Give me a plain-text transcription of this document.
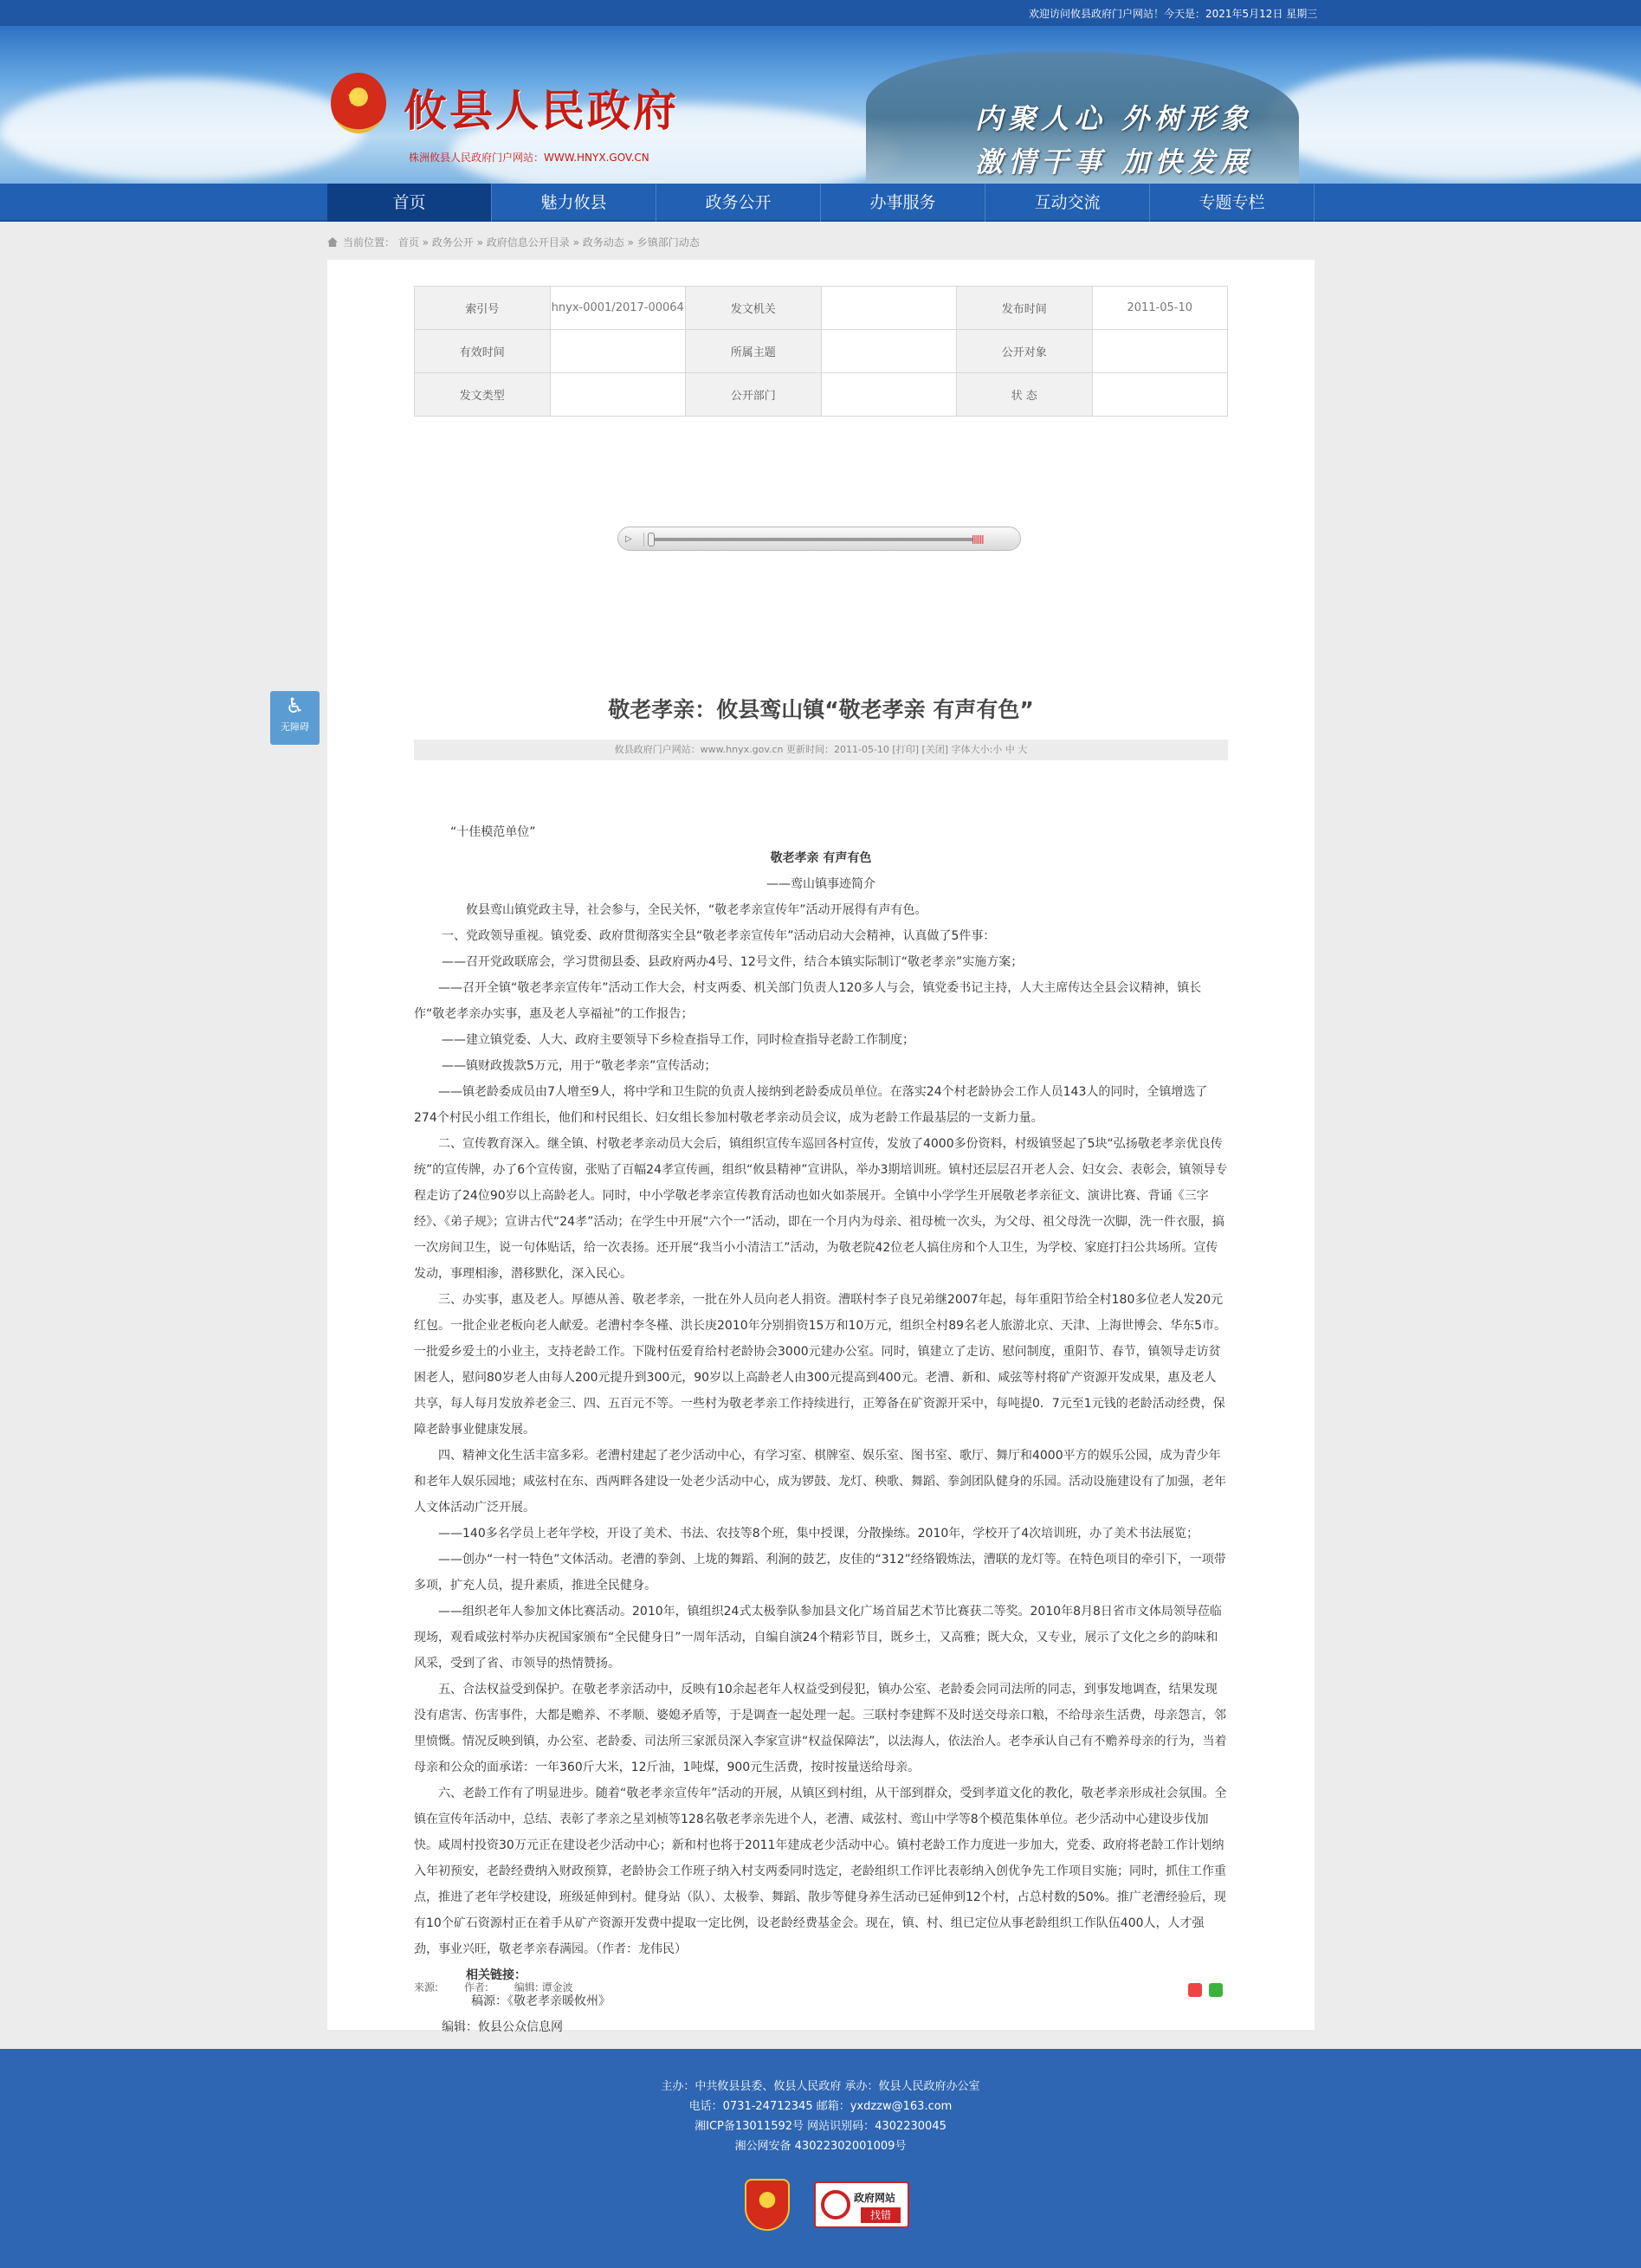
欢迎访问攸县政府门户网站！今天是：2021年5月12日 星期三
★ 攸县人民政府
株洲攸县人民政府门户网站：WWW.HNYX.GOV.CN
内聚人心 外树形象
激情干事 加快发展
首页	魅力攸县	政务公开	办事服务	互动交流	专题专栏
当前位置： 首页 » 政务公开 » 政府信息公开目录 » 政务动态 » 乡镇部门动态
索引号	hnyx-0001/2017-00064	发文机关		发布时间	2011-05-10
有效时间		所属主题		公开对象	
发文类型		公开部门		状 态	
敬老孝亲：攸县鸾山镇“敬老孝亲 有声有色”
攸县政府门户网站：www.hnyx.gov.cn 更新时间：2011-05-10 [打印] [关闭] 字体大小:小 中 大

“十佳模范单位”

敬老孝亲 有声有色

——鸾山镇事迹简介

攸县鸾山镇党政主导，社会参与，全民关怀，“敬老孝亲宣传年”活动开展得有声有色。

一、党政领导重视。镇党委、政府贯彻落实全县“敬老孝亲宣传年”活动启动大会精神，认真做了5件事：

——召开党政联席会，学习贯彻县委、县政府两办4号、12号文件，结合本镇实际制订“敬老孝亲”实施方案；

——召开全镇“敬老孝亲宣传年”活动工作大会，村支两委、机关部门负责人120多人与会，镇党委书记主持，人大主席传达全县会议精神，镇长作“敬老孝亲办实事，惠及老人享福祉”的工作报告；

——建立镇党委、人大、政府主要领导下乡检查指导工作，同时检查指导老龄工作制度；

——镇财政拨款5万元，用于“敬老孝亲”宣传活动；

——镇老龄委成员由7人增至9人，将中学和卫生院的负责人接纳到老龄委成员单位。在落实24个村老龄协会工作人员143人的同时，全镇增选了274个村民小组工作组长，他们和村民组长、妇女组长参加村敬老孝亲动员会议，成为老龄工作最基层的一支新力量。

二、宣传教育深入。继全镇、村敬老孝亲动员大会后，镇组织宣传车巡回各村宣传，发放了4000多份资料，村级镇竖起了5块“弘扬敬老孝亲优良传统”的宣传牌，办了6个宣传窗，张贴了百幅24孝宣传画，组织“攸县精神”宣讲队，举办3期培训班。镇村还层层召开老人会、妇女会、表彰会，镇领导专程走访了24位90岁以上高龄老人。同时，中小学敬老孝亲宣传教育活动也如火如荼展开。全镇中小学学生开展敬老孝亲征文、演讲比赛、背诵《三字经》、《弟子规》；宣讲古代“24孝”活动；在学生中开展“六个一”活动，即在一个月内为母亲、祖母梳一次头，为父母、祖父母洗一次脚，洗一件衣服，搞一次房间卫生，说一句体贴话，给一次表扬。还开展“我当小小清洁工”活动，为敬老院42位老人搞住房和个人卫生，为学校、家庭打扫公共场所。宣传发动，事理相渗，潜移默化，深入民心。

三、办实事，惠及老人。厚德从善、敬老孝亲，一批在外人员向老人捐资。漕联村李子良兄弟继2007年起，每年重阳节给全村180多位老人发20元红包。一批企业老板向老人献爱。老漕村李冬槿、洪长庚2010年分别捐资15万和10万元，组织全村89名老人旅游北京、天津、上海世博会、华东5市。一批爱乡爱土的小业主，支持老龄工作。下陇村伍爱育给村老龄协会3000元建办公室。同时，镇建立了走访、慰问制度，重阳节、春节，镇领导走访贫困老人，慰问80岁老人由每人200元提升到300元，90岁以上高龄老人由300元提高到400元。老漕、新和、咸弦等村将矿产资源开发成果，惠及老人共享，每人每月发放养老金三、四、五百元不等。一些村为敬老孝亲工作持续进行，正筹备在矿资源开采中，每吨提0．7元至1元钱的老龄活动经费，保障老龄事业健康发展。

四、精神文化生活丰富多彩。老漕村建起了老少活动中心，有学习室、棋牌室、娱乐室、图书室、歌厅、舞厅和4000平方的娱乐公园，成为青少年和老年人娱乐园地；咸弦村在东、西两畔各建设一处老少活动中心，成为锣鼓、龙灯、秧歌、舞蹈、拳剑团队健身的乐园。活动设施建设有了加强，老年人文体活动广泛开展。

——140多名学员上老年学校，开设了美术、书法、农技等8个班，集中授课，分散操练。2010年，学校开了4次培训班，办了美术书法展览；

——创办“一村一特色”文体活动。老漕的拳剑、上垅的舞蹈、利涧的鼓艺，皮佳的“312”经络锻炼法，漕联的龙灯等。在特色项目的牵引下，一项带多项，扩充人员，提升素质，推进全民健身。

——组织老年人参加文体比赛活动。2010年，镇组织24式太极拳队参加县文化广场首届艺术节比赛获二等奖。2010年8月8日省市文体局领导莅临现场，观看咸弦村举办庆祝国家颁布“全民健身日”一周年活动，自编自演24个精彩节目，既乡土，又高雅；既大众，又专业，展示了文化之乡的韵味和风采，受到了省、市领导的热情赞扬。

五、合法权益受到保护。在敬老孝亲活动中，反映有10余起老年人权益受到侵犯，镇办公室、老龄委会同司法所的同志，到事发地调查，结果发现没有虐害、伤害事件，大都是赡养、不孝顺、婆媳矛盾等，于是调查一起处理一起。三联村李建辉不及时送交母亲口粮，不给母亲生活费，母亲怨言，邻里愤慨。情况反映到镇，办公室、老龄委、司法所三家派员深入李家宣讲“权益保障法”，以法海人，依法治人。老李承认自己有不赡养母亲的行为，当着母亲和公众的面承诺：一年360斤大米，12斤油，1吨煤，900元生活费，按时按量送给母亲。

六、老龄工作有了明显进步。随着“敬老孝亲宣传年”活动的开展，从镇区到村组，从干部到群众，受到孝道文化的教化，敬老孝亲形成社会氛围。全镇在宣传年活动中，总结、表彰了孝亲之星刘桢等128名敬老孝亲先进个人，老漕、咸弦村、鸾山中学等8个模范集体单位。老少活动中心建设步伐加快。咸周村投资30万元正在建设老少活动中心；新和村也将于2011年建成老少活动中心。镇村老龄工作力度进一步加大，党委、政府将老龄工作计划纳入年初预安，老龄经费纳入财政预算，老龄协会工作班子纳入村支两委同时选定，老龄组织工作评比表彰纳入创优争先工作项目实施；同时，抓住工作重点，推进了老年学校建设，班级延伸到村。健身站（队）、太极拳、舞蹈、散步等健身养生活动已延伸到12个村，占总村数的50%。推广老漕经验后，现有10个矿石资源村正在着手从矿产资源开发费中提取一定比例，设老龄经费基金会。现在，镇、村、组已定位从事老龄组织工作队伍400人，人才强劲，事业兴旺，敬老孝亲春满园。（作者：龙伟民）

相关链接：

稿源：《敬老孝亲暖攸州》

编辑：攸县公众信息网

来源: 作者: 编辑: 谭金波
▷	ǀǀǀǀǀǀ
♿
无障碍
主办：中共攸县县委、攸县人民政府 承办：攸县人民政府办公室
电话：0731-24712345 邮箱：yxdzzw@163.com
湘ICP备13011592号 网站识别码：4302230045
湘公网安备 43022302001009号
政府网站
找错
